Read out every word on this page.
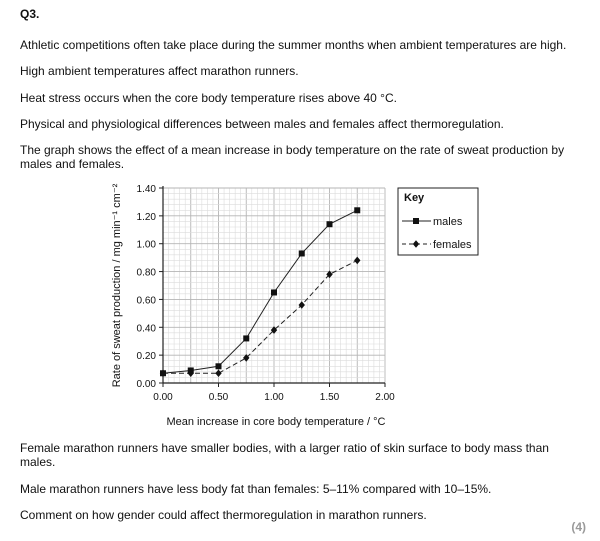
Q3.
Athletic competitions often take place during the summer months when ambient temperatures are high.
High ambient temperatures affect marathon runners.
Heat stress occurs when the core body temperature rises above 40 °C.
Physical and physiological differences between males and females affect thermoregulation.
The graph shows the effect of a mean increase in body temperature on the rate of sweat production by males and females.
0.00	0.50	1.00	1.50	2.00
0.00
0.20
0.40
0.60
0.80
1.00
1.20
1.40
Mean increase in core body temperature / °C
Rate of sweat production / mg min⁻¹ cm⁻²	Key
males
females
Female marathon runners have smaller bodies, with a larger ratio of skin surface to body mass than males.
Male marathon runners have less body fat than females: 5–11% compared with 10–15%.
Comment on how gender could affect thermoregulation in marathon runners.
(4)
